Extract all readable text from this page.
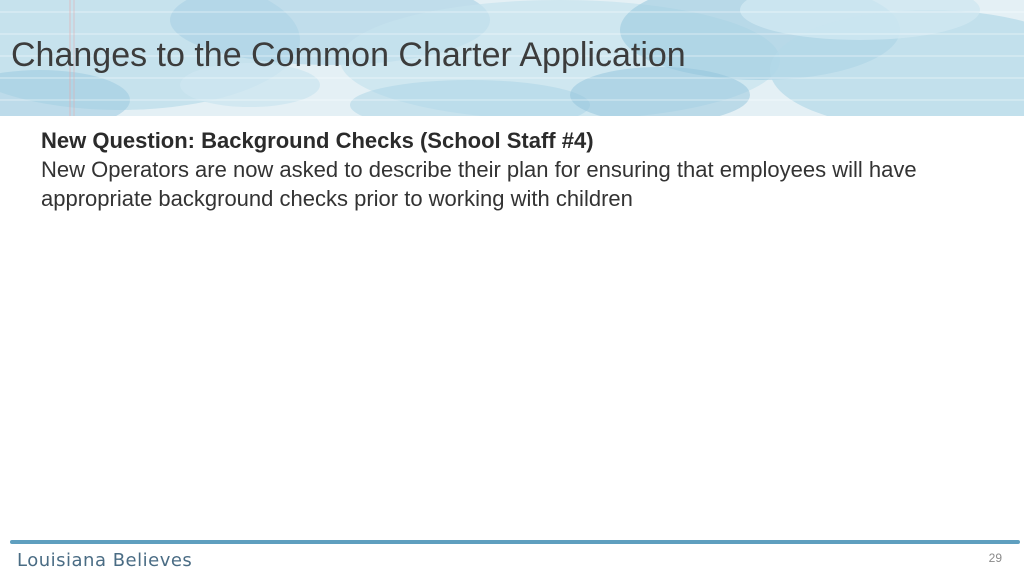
Changes to the Common Charter Application
New Question: Background Checks (School Staff #4)
New Operators are now asked to describe their plan for ensuring that employees will have appropriate background checks prior to working with children
Louisiana Believes	29
